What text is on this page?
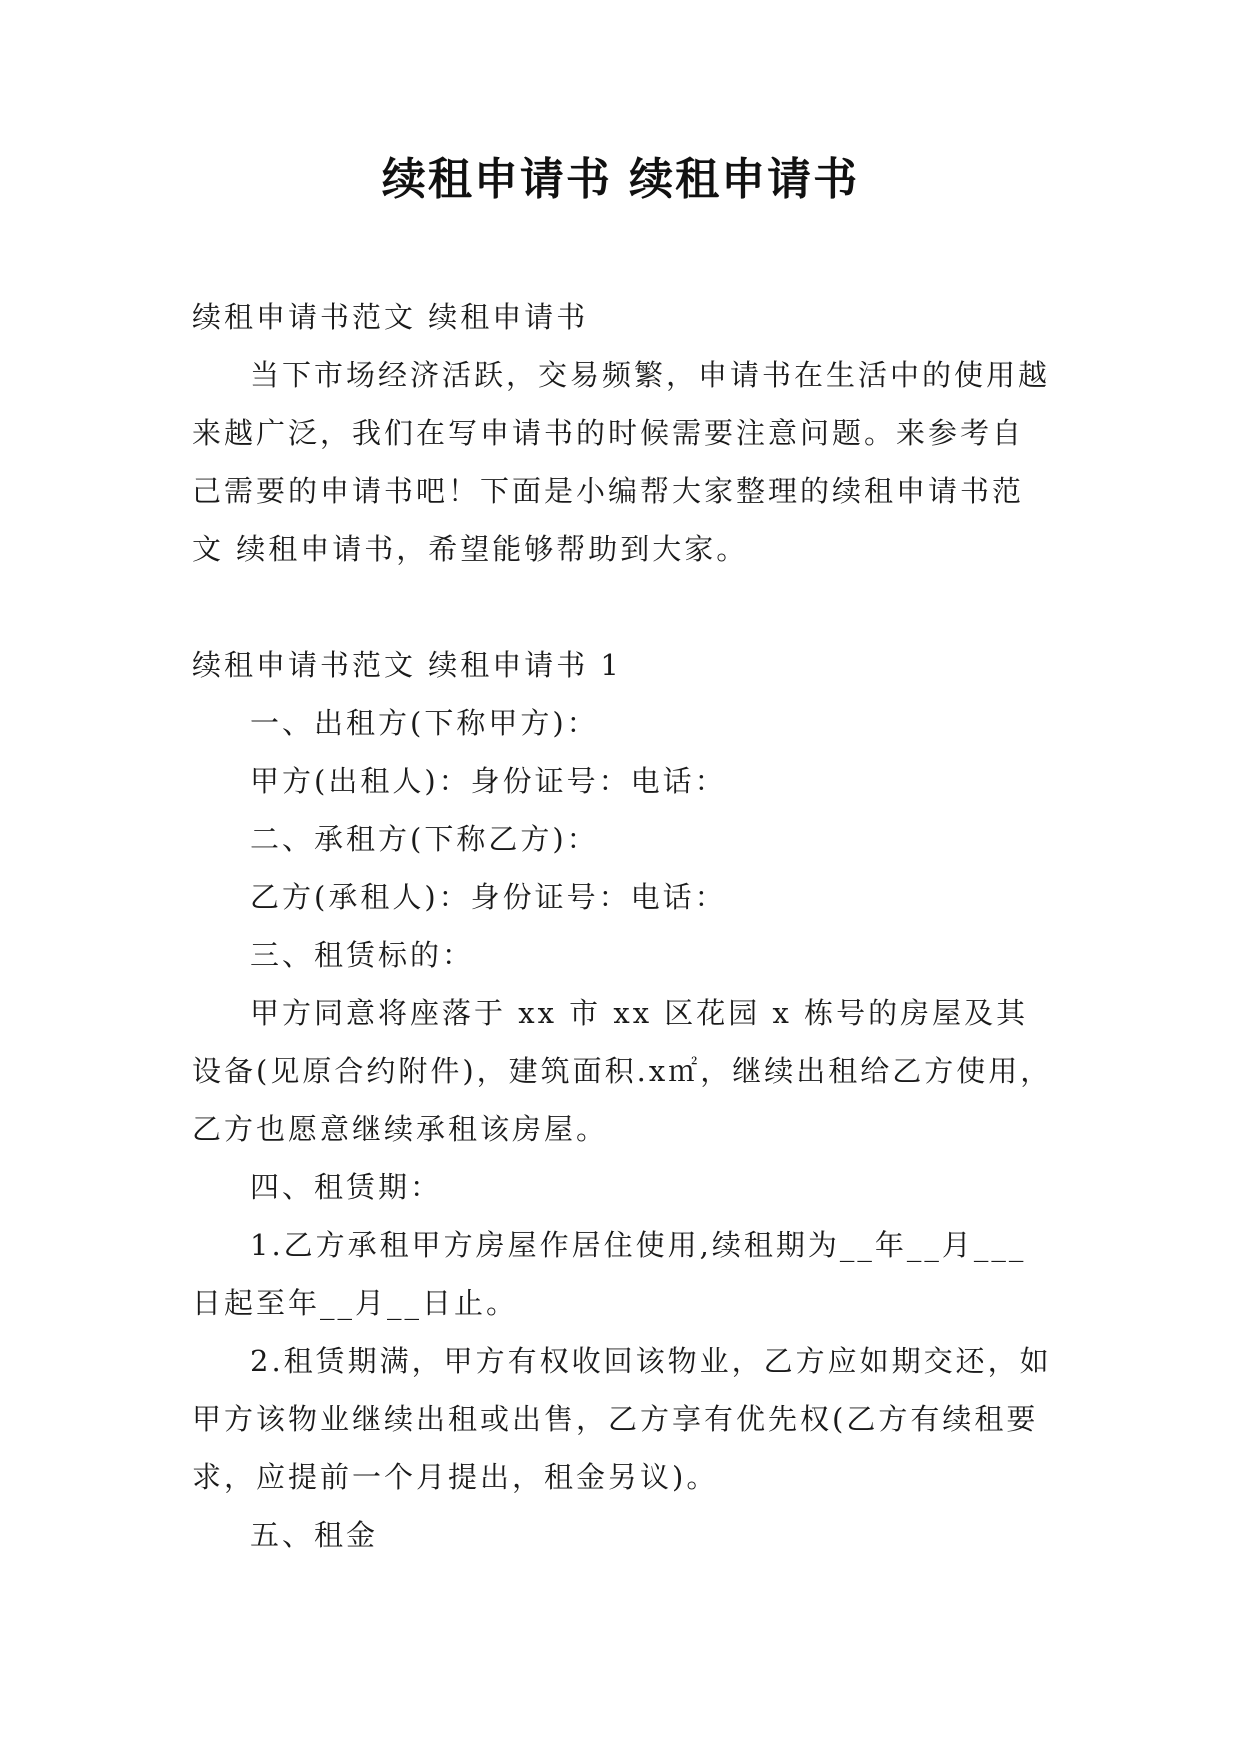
续租申请书 续租申请书

续租申请书范文 续租申请书

当下市场经济活跃，交易频繁，申请书在生活中的使用越来越广泛，我们在写申请书的时候需要注意问题。来参考自己需要的申请书吧！下面是小编帮大家整理的续租申请书范文 续租申请书，希望能够帮助到大家。

续租申请书范文 续租申请书 1

一、出租方(下称甲方)：

甲方(出租人)：身份证号：电话：

二、承租方(下称乙方)：

乙方(承租人)：身份证号：电话：

三、租赁标的：

甲方同意将座落于 xx 市 xx 区花园 x 栋号的房屋及其设备(见原合约附件)，建筑面积.x㎡，继续出租给乙方使用，乙方也愿意继续承租该房屋。

四、租赁期：

1.乙方承租甲方房屋作居住使用,续租期为__年__月___日起至年__月__日止。

2.租赁期满，甲方有权收回该物业，乙方应如期交还，如甲方该物业继续出租或出售，乙方享有优先权(乙方有续租要求，应提前一个月提出，租金另议)。

五、租金
